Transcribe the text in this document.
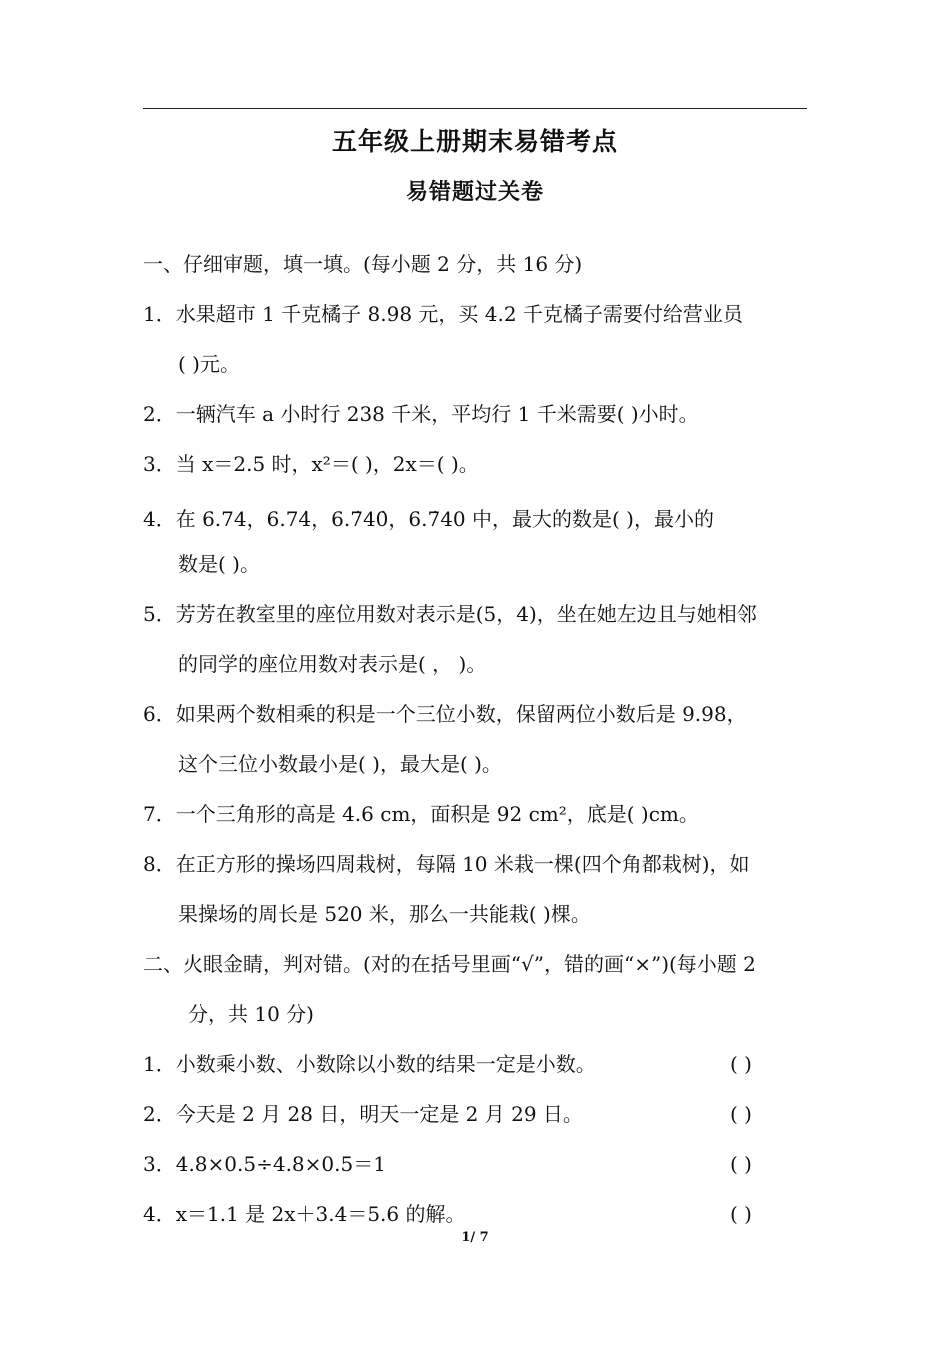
五年级上册期末易错考点
易错题过关卷
一、仔细审题，填一填。(每小题 2 分，共 16 分)
1．水果超市 1 千克橘子 8.98 元，买 4.2 千克橘子需要付给营业员
( )元。
2．一辆汽车 a 小时行 238 千米，平均行 1 千米需要( )小时。
3．当 x＝2.5 时，x²＝( )，2x＝( )。
4．在 6.74，6.74̇，6.7̇40̇，6.7̇40 中，最大的数是( )，最小的
数是( )。
5．芳芳在教室里的座位用数对表示是(5，4)，坐在她左边且与她相邻
的同学的座位用数对表示是( ， )。
6．如果两个数相乘的积是一个三位小数，保留两位小数后是 9.98，
这个三位小数最小是( )，最大是( )。
7．一个三角形的高是 4.6 cm，面积是 92 cm²，底是( )cm。
8．在正方形的操场四周栽树，每隔 10 米栽一棵(四个角都栽树)，如
果操场的周长是 520 米，那么一共能栽( )棵。
二、火眼金睛，判对错。(对的在括号里画“√”，错的画“×”)(每小题 2
分，共 10 分)
1．小数乘小数、小数除以小数的结果一定是小数。	( )
2．今天是 2 月 28 日，明天一定是 2 月 29 日。	( )
3．4.8×0.5÷4.8×0.5＝1	( )
4．x＝1.1 是 2x＋3.4＝5.6 的解。	( )
1/ 7
